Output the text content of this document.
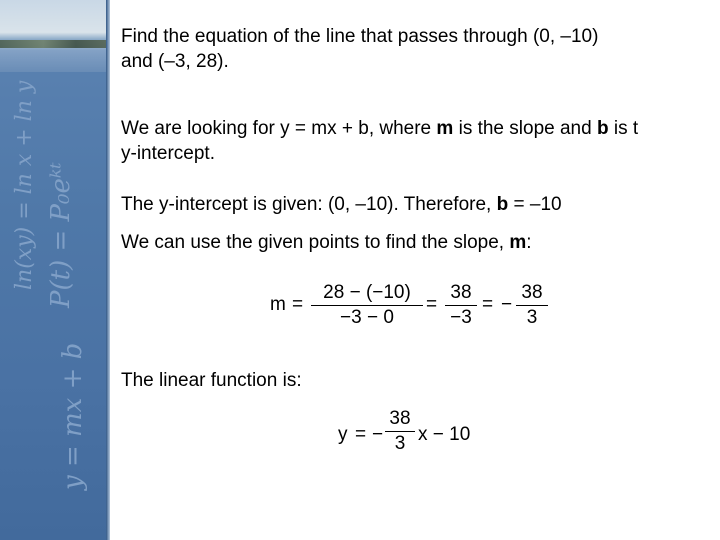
ln(xy) = ln x + ln y P(t) = P₀eᵏᵗ
y = mx + b

Find the equation of the line that passes through (0, –10)
and (–3, 28).

We are looking for y = mx + b, where m is the slope and b is t
y-intercept.

The y-intercept is given: (0, –10). Therefore, b = –10

We can use the given points to find the slope, m:

m =
28 − (−10)
−3 − 0
=
38
−3
= −
38
3

The linear function is:

y = −
38
3 x − 10
